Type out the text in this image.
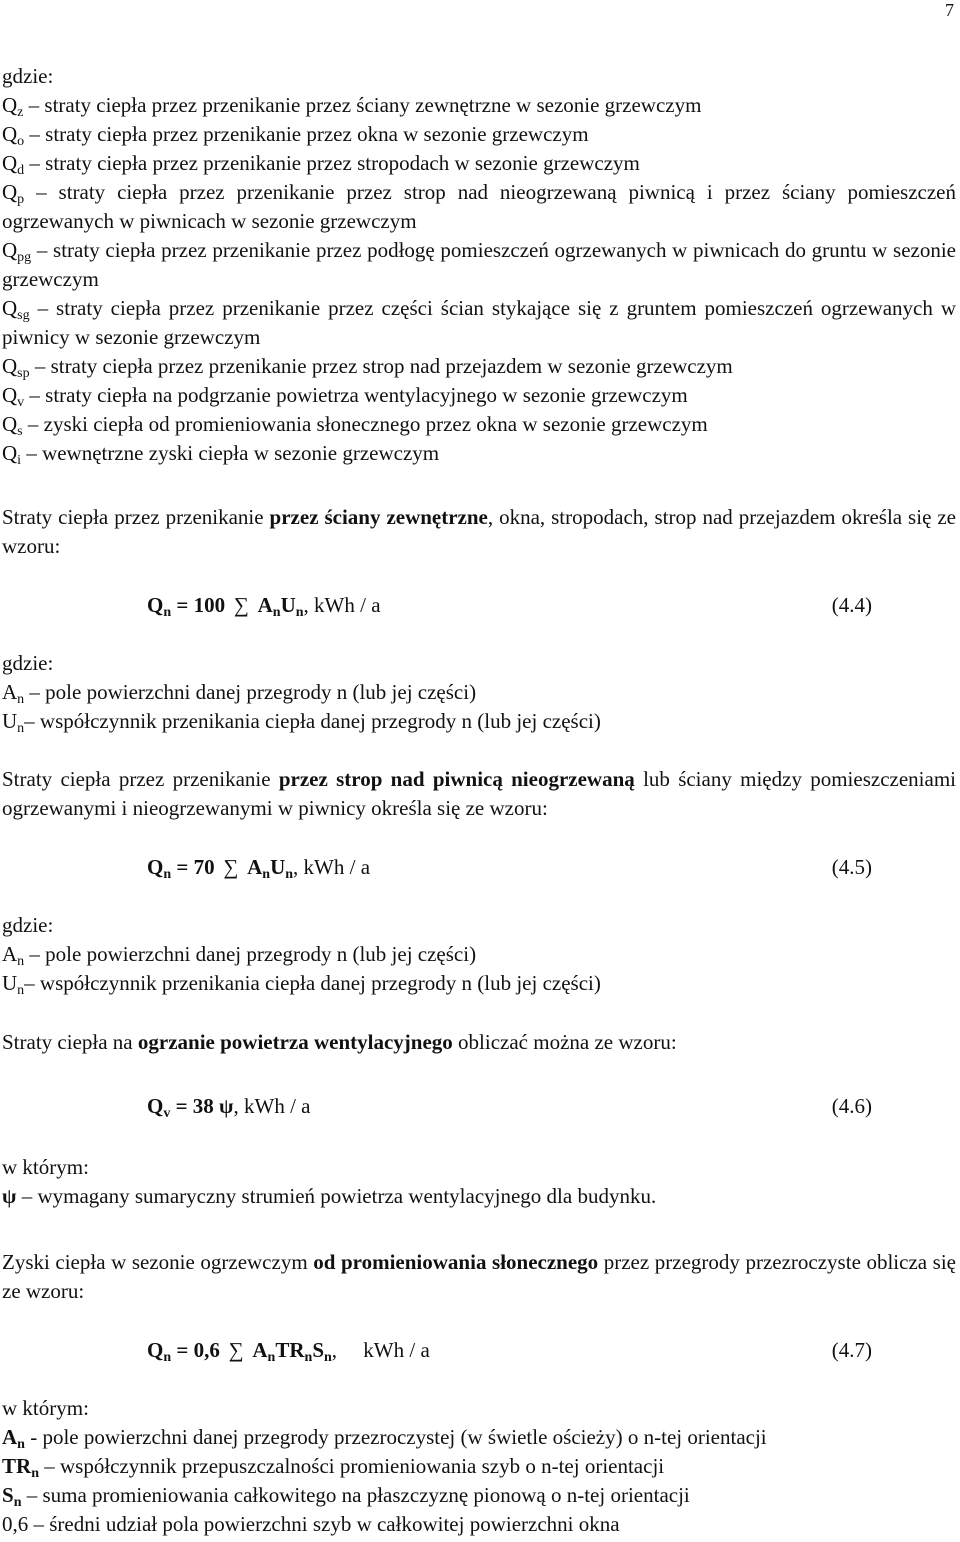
7
gdzie:
$Q_z$ – straty ciepła przez przenikanie przez ściany zewnętrzne w sezonie grzewczym
$Q_o$ – straty ciepła przez przenikanie przez okna w sezonie grzewczym
$Q_d$ – straty ciepła przez przenikanie przez stropodach w sezonie grzewczym
$Q_p$ – straty ciepła przez przenikanie przez strop nad nieogrzewaną piwnicą i przez ściany pomieszczeń ogrzewanych w piwnicach w sezonie grzewczym
$Q_{pg}$ – straty ciepła przez przenikanie przez podłogę pomieszczeń ogrzewanych w piwnicach do gruntu w sezonie grzewczym
$Q_{sg}$ – straty ciepła przez przenikanie przez części ścian stykające się z gruntem pomieszczeń ogrzewanych w piwnicy w sezonie grzewczym
$Q_{sp}$ – straty ciepła przez przenikanie przez strop nad przejazdem w sezonie grzewczym
$Q_v$ – straty ciepła na podgrzanie powietrza wentylacyjnego w sezonie grzewczym
$Q_s$ – zyski ciepła od promieniowania słonecznego przez okna w sezonie grzewczym
$Q_i$ – wewnętrzne zyski ciepła w sezonie grzewczym
Straty ciepła przez przenikanie przez ściany zewnętrzne, okna, stropodach, strop nad przejazdem określa się ze wzoru:
$Q_n = 100$ ∑ $A_nU_n$, kWh / a	(4.4)
gdzie:
$A_n$ – pole powierzchni danej przegrody n (lub jej części)
$U_n-$ współczynnik przenikania ciepła danej przegrody n (lub jej części)
Straty ciepła przez przenikanie przez strop nad piwnicą nieogrzewaną lub ściany między pomieszczeniami ogrzewanymi i nieogrzewanymi w piwnicy określa się ze wzoru:
$Q_n = 70$ ∑ $A_nU_n$, kWh / a	(4.5)
gdzie:
$A_n$ – pole powierzchni danej przegrody n (lub jej części)
$U_n-$ współczynnik przenikania ciepła danej przegrody n (lub jej części)
Straty ciepła na ogrzanie powietrza wentylacyjnego obliczać można ze wzoru:
$Q_v = 38$ ψ, kWh / a	(4.6)
w którym:
ψ – wymagany sumaryczny strumień powietrza wentylacyjnego dla budynku.
Zyski ciepła w sezonie ogrzewczym od promieniowania słonecznego przez przegrody przezroczyste oblicza się ze wzoru:
$Q_n = 0,6$ ∑ $A_nTR_nS_n$,     kWh / a	(4.7)
w którym:
$A_n$ - pole powierzchni danej przegrody przezroczystej (w świetle ościeży) o n-tej orientacji
$TR_n$ – współczynnik przepuszczalności promieniowania szyb o n-tej orientacji
$S_n$ – suma promieniowania całkowitego na płaszczyznę pionową o n-tej orientacji
0,6 – średni udział pola powierzchni szyb w całkowitej powierzchni okna
